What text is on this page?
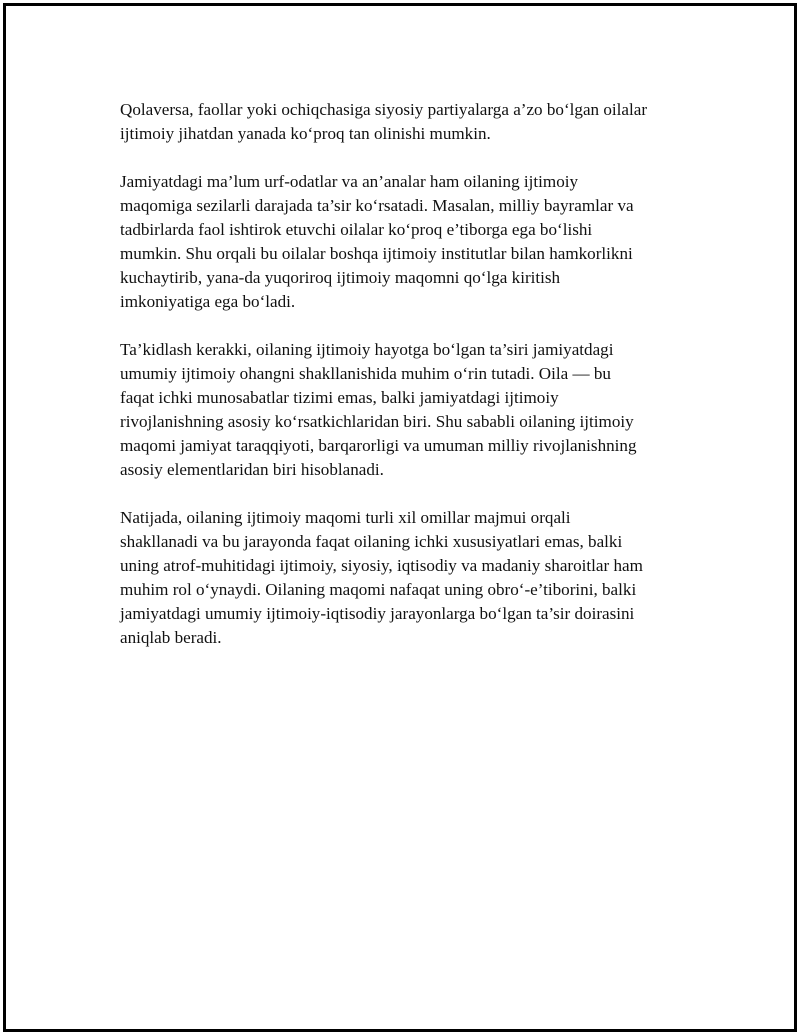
Qolaversa, faollar yoki ochiqchasiga siyosiy partiyalarga a’zo bo‘lgan oilalar
ijtimoiy jihatdan yanada ko‘proq tan olinishi mumkin.

Jamiyatdagi ma’lum urf-odatlar va an’analar ham oilaning ijtimoiy
maqomiga sezilarli darajada ta’sir ko‘rsatadi. Masalan, milliy bayramlar va
tadbirlarda faol ishtirok etuvchi oilalar ko‘proq e’tiborga ega bo‘lishi
mumkin. Shu orqali bu oilalar boshqa ijtimoiy institutlar bilan hamkorlikni
kuchaytirib, yana-da yuqoriroq ijtimoiy maqomni qo‘lga kiritish
imkoniyatiga ega bo‘ladi.

Ta’kidlash kerakki, oilaning ijtimoiy hayotga bo‘lgan ta’siri jamiyatdagi
umumiy ijtimoiy ohangni shakllanishida muhim o‘rin tutadi. Oila — bu
faqat ichki munosabatlar tizimi emas, balki jamiyatdagi ijtimoiy
rivojlanishning asosiy ko‘rsatkichlaridan biri. Shu sababli oilaning ijtimoiy
maqomi jamiyat taraqqiyoti, barqarorligi va umuman milliy rivojlanishning
asosiy elementlaridan biri hisoblanadi.

Natijada, oilaning ijtimoiy maqomi turli xil omillar majmui orqali
shakllanadi va bu jarayonda faqat oilaning ichki xususiyatlari emas, balki
uning atrof-muhitidagi ijtimoiy, siyosiy, iqtisodiy va madaniy sharoitlar ham
muhim rol o‘ynaydi. Oilaning maqomi nafaqat uning obro‘-e’tiborini, balki
jamiyatdagi umumiy ijtimoiy-iqtisodiy jarayonlarga bo‘lgan ta’sir doirasini
aniqlab beradi.
